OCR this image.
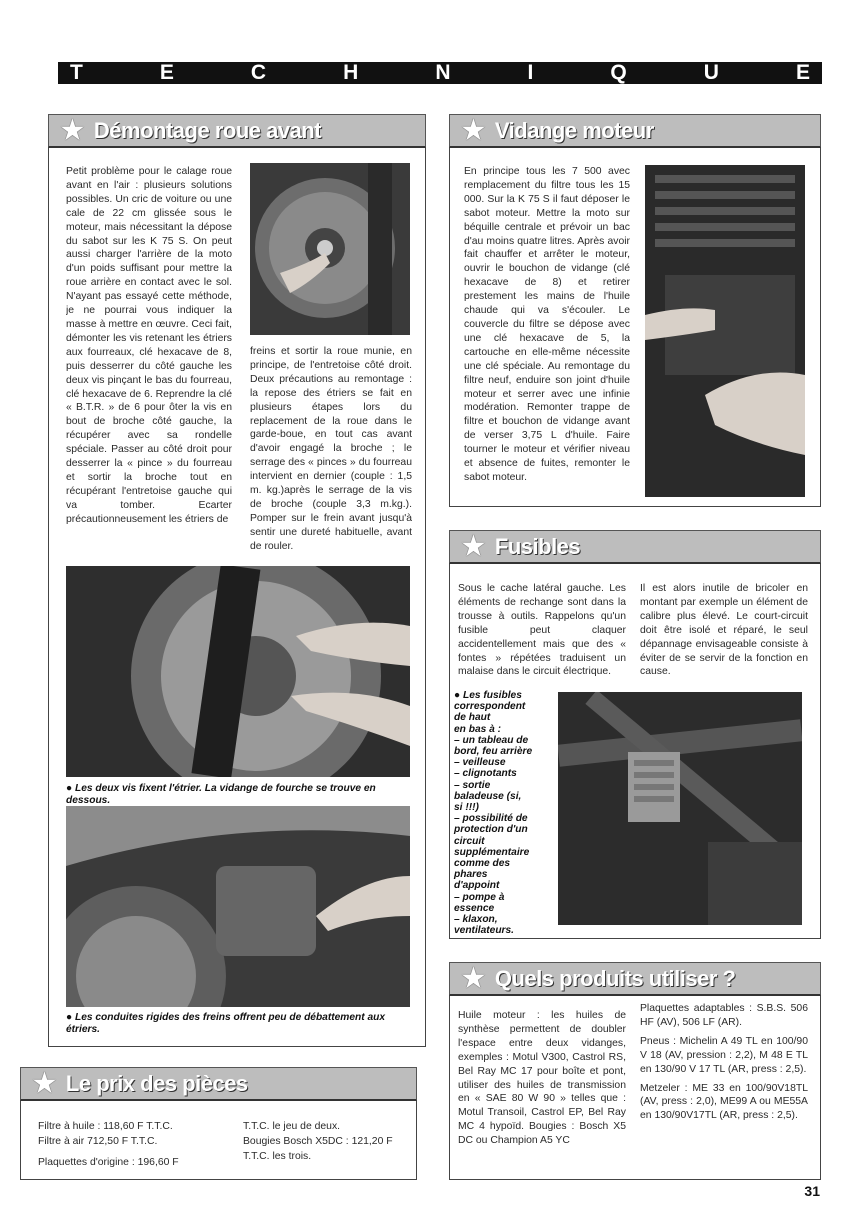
T	E	C	H	N	I	Q	U	E
★ Démontage roue avant
Petit problème pour le calage roue avant en l'air : plusieurs solutions possibles. Un cric de voiture ou une cale de 22 cm glissée sous le moteur, mais nécessitant la dépose du sabot sur les K 75 S. On peut aussi charger l'arrière de la moto d'un poids suffisant pour mettre la roue arrière en contact avec le sol. N'ayant pas essayé cette méthode, je ne pourrai vous indiquer la masse à mettre en œuvre. Ceci fait, démonter les vis retenant les étriers aux fourreaux, clé hexacave de 8, puis desserrer du côté gauche les deux vis pinçant le bas du fourreau, clé hexacave de 6. Reprendre la clé « B.T.R. » de 6 pour ôter la vis en bout de broche côté gauche, la récupérer avec sa rondelle spéciale. Passer au côté droit pour desserrer la « pince » du fourreau et sortir la broche tout en récupérant l'entretoise gauche qui va tomber. Ecarter précautionneusement les étriers de
freins et sortir la roue munie, en principe, de l'entretoise côté droit. Deux précautions au remontage : la repose des étriers se fait en plusieurs étapes lors du replacement de la roue dans le garde-boue, en tout cas avant d'avoir engagé la broche ; le serrage des « pinces » du fourreau intervient en dernier (couple : 1,5 m. kg.)après le serrage de la vis de broche (couple 3,3 m.kg.). Pomper sur le frein avant jusqu'à sentir une dureté habituelle, avant de rouler.
● Les deux vis fixent l'étrier. La vidange de fourche se trouve en dessous.
● Les conduites rigides des freins offrent peu de débattement aux étriers.
★ Vidange moteur
En principe tous les 7 500 avec remplacement du filtre tous les 15 000. Sur la K 75 S il faut déposer le sabot moteur. Mettre la moto sur béquille centrale et prévoir un bac d'au moins quatre litres. Après avoir fait chauffer et arrêter le moteur, ouvrir le bouchon de vidange (clé hexacave de 8) et retirer prestement les mains de l'huile chaude qui va s'écouler. Le couvercle du filtre se dépose avec une clé hexacave de 5, la cartouche en elle-même nécessite une clé spéciale. Au remontage du filtre neuf, enduire son joint d'huile moteur et serrer avec une infinie modération. Remonter trappe de filtre et bouchon de vidange avant de verser 3,75 L d'huile. Faire tourner le moteur et vérifier niveau et absence de fuites, remonter le sabot moteur.
★ Fusibles
Sous le cache latéral gauche. Les éléments de rechange sont dans la trousse à outils. Rappelons qu'un fusible peut claquer accidentellement mais que des « fontes » répétées traduisent un malaise dans le circuit électrique.
Il est alors inutile de bricoler en montant par exemple un élément de calibre plus élevé. Le court-circuit doit être isolé et réparé, le seul dépannage envisageable consiste à éviter de se servir de la fonction en cause.
● Les fusibles
correspondent
de haut
en bas à :
– un tableau de
bord, feu arrière
– veilleuse
– clignotants
– sortie
baladeuse (si,
si !!!)
– possibilité de
protection d'un
circuit
supplémentaire
comme des
phares
d'appoint
– pompe à
essence
– klaxon,
ventilateurs.
★ Le prix des pièces
Filtre à huile : 118,60 F T.T.C.
Filtre à air 712,50 F T.T.C.
Plaquettes d'origine : 196,60 F
T.T.C. le jeu de deux.
Bougies Bosch X5DC : 121,20 F
T.T.C. les trois.
★ Quels produits utiliser ?
Huile moteur : les huiles de synthèse permettent de doubler l'espace entre deux vidanges, exemples : Motul V300, Castrol RS, Bel Ray MC 17 pour boîte et pont, utiliser des huiles de transmission en « SAE 80 W 90 » telles que : Motul Transoil, Castrol EP, Bel Ray MC 4 hypoïd. Bougies : Bosch X5 DC ou Champion A5 YC

Plaquettes adaptables : S.B.S. 506 HF (AV), 506 LF (AR).

Pneus : Michelin A 49 TL en 100/90 V 18 (AV, pression : 2,2), M 48 E TL en 130/90 V 17 TL (AR, press : 2,5).

Metzeler : ME 33 en 100/90V18TL (AV, press : 2,0), ME99 A ou ME55A en 130/90V17TL (AR, press : 2,5).

31
